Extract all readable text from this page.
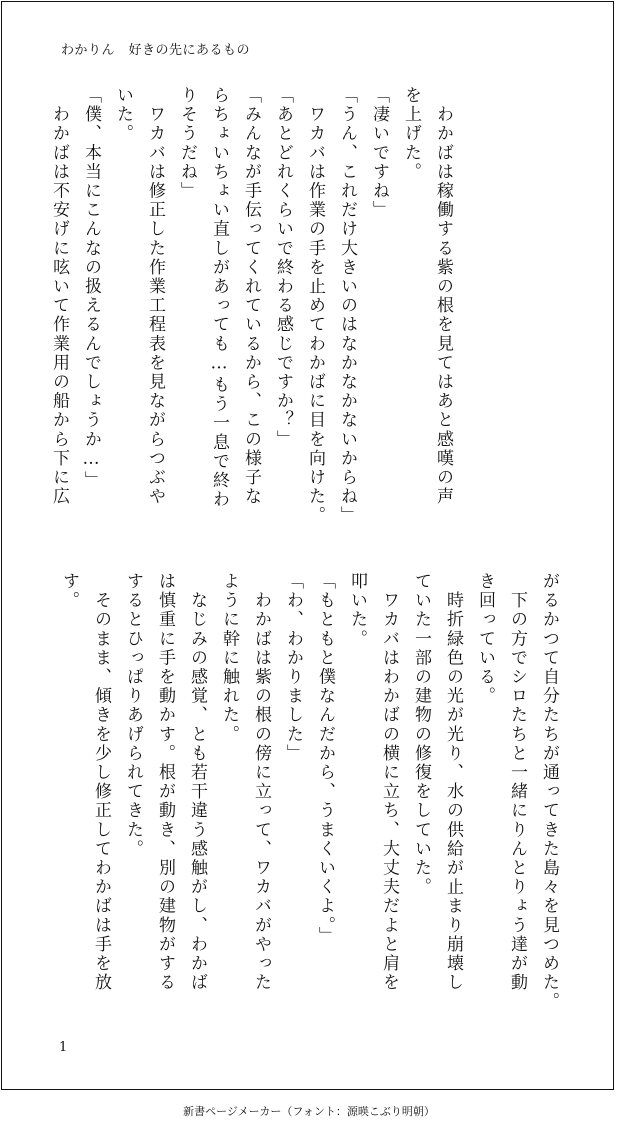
わかりん　好きの先にあるもの

　わかばは稼働する紫の根を見てはあと感嘆の声

を上げた。

「凄いですね」

「うん、これだけ大きいのはなかなかないからね」

　ワカバは作業の手を止めてわかばに目を向けた。

「あとどれくらいで終わる感じですか？」

「みんなが手伝ってくれているから、この様子な

らちょいちょい直しがあっても…もう一息で終わ

りそうだね」

　ワカバは修正した作業工程表を見ながらつぶや

いた。

「僕、本当にこんなの扱えるんでしょうか…」

　わかばは不安げに呟いて作業用の船から下に広

がるかつて自分たちが通ってきた島々を見つめた。

　下の方でシロたちと一緒にりんとりょう達が動

き回っている。

　時折緑色の光が光り、水の供給が止まり崩壊し

ていた一部の建物の修復をしていた。

　ワカバはわかばの横に立ち、大丈夫だよと肩を

叩いた。

「もともと僕なんだから、うまくいくよ。」

「わ、わかりました」

　わかばは紫の根の傍に立って、ワカバがやった

ように幹に触れた。

　なじみの感覚、とも若干違う感触がし、わかば

は慎重に手を動かす。根が動き、別の建物がする

するとひっぱりあげられてきた。

　そのまま、傾きを少し修正してわかばは手を放

す。

1
新書ページメーカー（フォント：源暎こぶり明朝）
